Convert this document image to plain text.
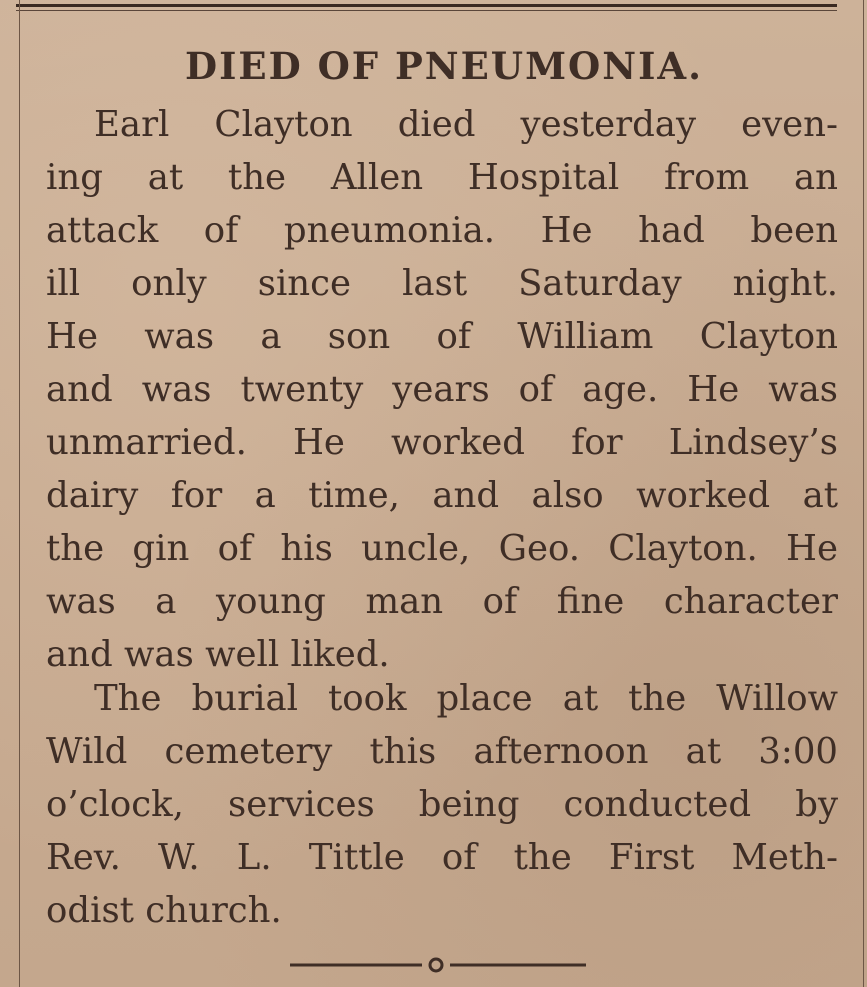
DIED OF PNEUMONIA.

Earl Clayton died yesterday even-
ing at the Allen Hospital from an
attack of pneumonia. He had been
ill only since last Saturday night.
He was a son of William Clayton
and was twenty years of age. He was
unmarried. He worked for Lindsey’s
dairy for a time, and also worked at
the gin of his uncle, Geo. Clayton. He
was a young man of fine character
and was well liked.

The burial took place at the Willow
Wild cemetery this afternoon at 3:00
o’clock, services being conducted by
Rev. W. L. Tittle of the First Meth-
odist church.
